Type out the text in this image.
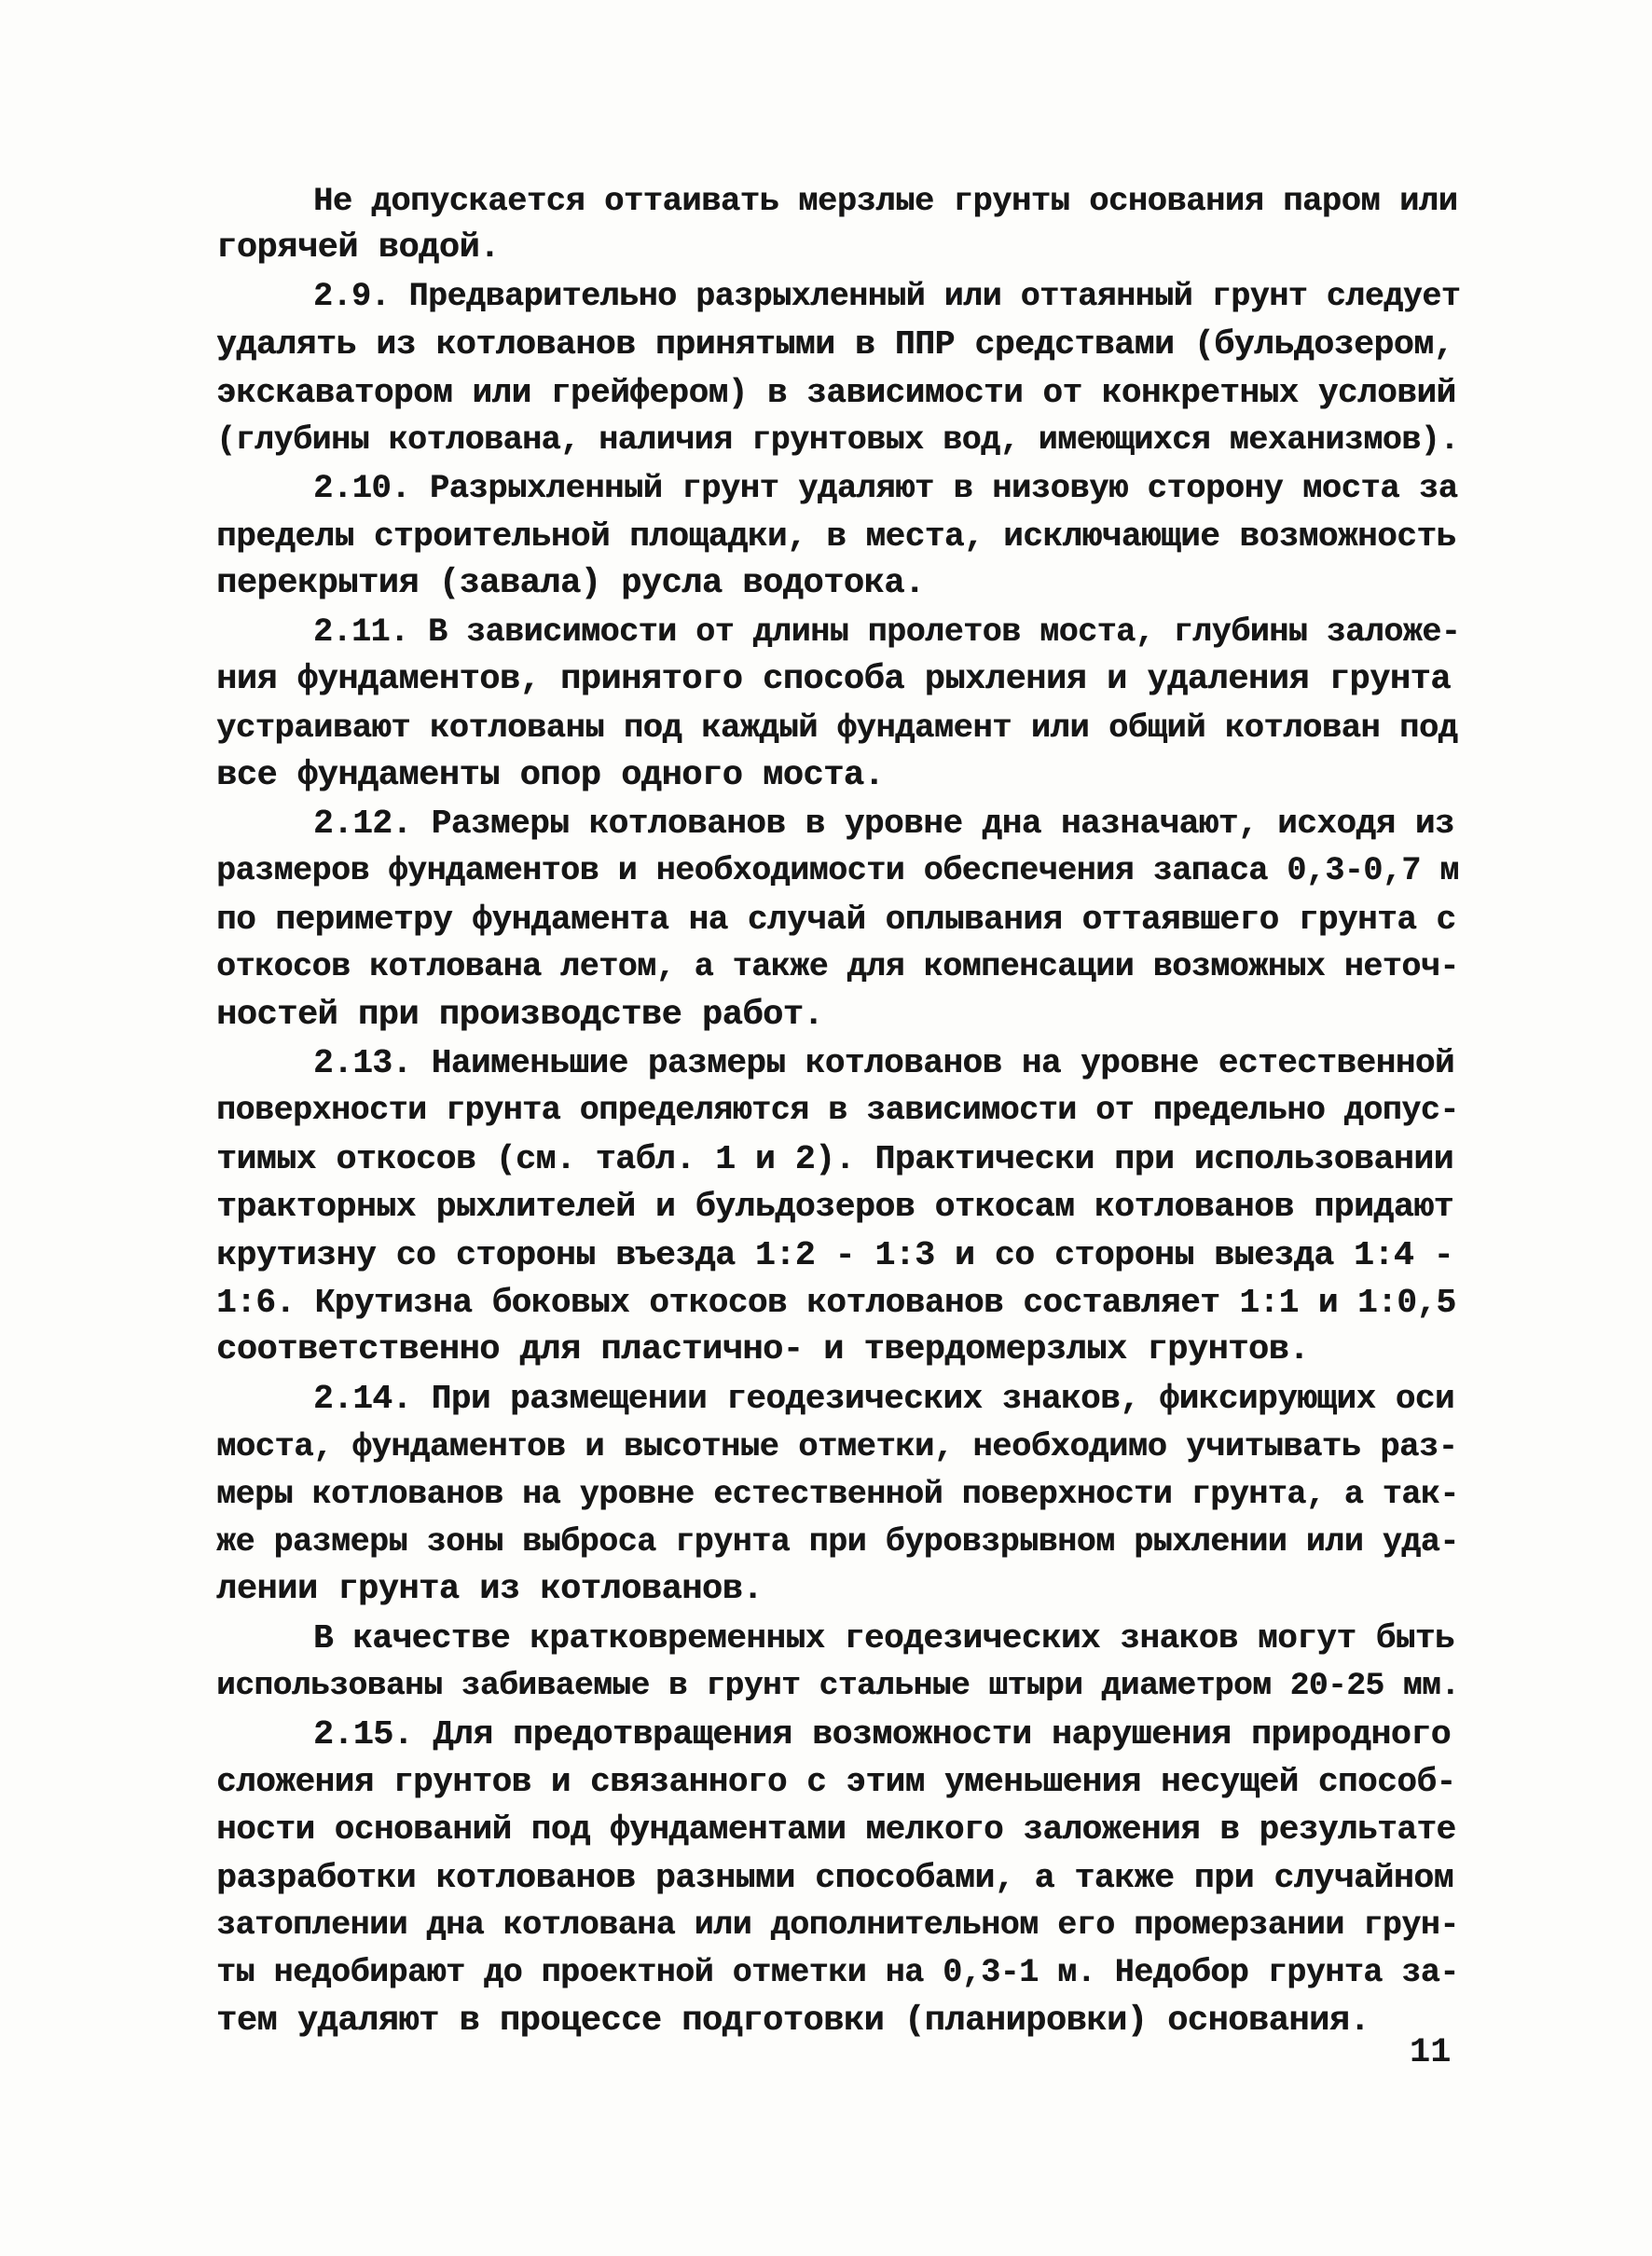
Не допускается оттаивать мерзлые грунты основания паром или
горячей водой.
2.9. Предварительно разрыхленный или оттаянный грунт следует
удалять из котлованов принятыми в ППР средствами (бульдозером,
экскаватором или грейфером) в зависимости от конкретных условий
(глубины котлована, наличия грунтовых вод, имеющихся механизмов).
2.10. Разрыхленный грунт удаляют в низовую сторону моста за
пределы строительной площадки, в места, исключающие возможность
перекрытия (завала) русла водотока.
2.11. В зависимости от длины пролетов моста, глубины заложе-
ния фундаментов, принятого способа рыхления и удаления грунта
устраивают котлованы под каждый фундамент или общий котлован под
все фундаменты опор одного моста.
2.12. Размеры котлованов в уровне дна назначают, исходя из
размеров фундаментов и необходимости обеспечения запаса 0,3-0,7 м
по периметру фундамента на случай оплывания оттаявшего грунта с
откосов котлована летом, а также для компенсации возможных неточ-
ностей при производстве работ.
2.13. Наименьшие размеры котлованов на уровне естественной
поверхности грунта определяются в зависимости от предельно допус-
тимых откосов (см. табл. 1 и 2). Практически при использовании
тракторных рыхлителей и бульдозеров откосам котлованов придают
крутизну со стороны въезда 1:2 - 1:3 и со стороны выезда 1:4 -
1:6. Крутизна боковых откосов котлованов составляет 1:1 и 1:0,5
соответственно для пластично- и твердомерзлых грунтов.
2.14. При размещении геодезических знаков, фиксирующих оси
моста, фундаментов и высотные отметки, необходимо учитывать раз-
меры котлованов на уровне естественной поверхности грунта, а так-
же размеры зоны выброса грунта при буровзрывном рыхлении или уда-
лении грунта из котлованов.
В качестве кратковременных геодезических знаков могут быть
использованы забиваемые в грунт стальные штыри диаметром 20-25 мм.
2.15. Для предотвращения возможности нарушения природного
сложения грунтов и связанного с этим уменьшения несущей способ-
ности оснований под фундаментами мелкого заложения в результате
разработки котлованов разными способами, а также при случайном
затоплении дна котлована или дополнительном его промерзании грун-
ты недобирают до проектной отметки на 0,3-1 м. Недобор грунта за-
тем удаляют в процессе подготовки (планировки) основания.
11
